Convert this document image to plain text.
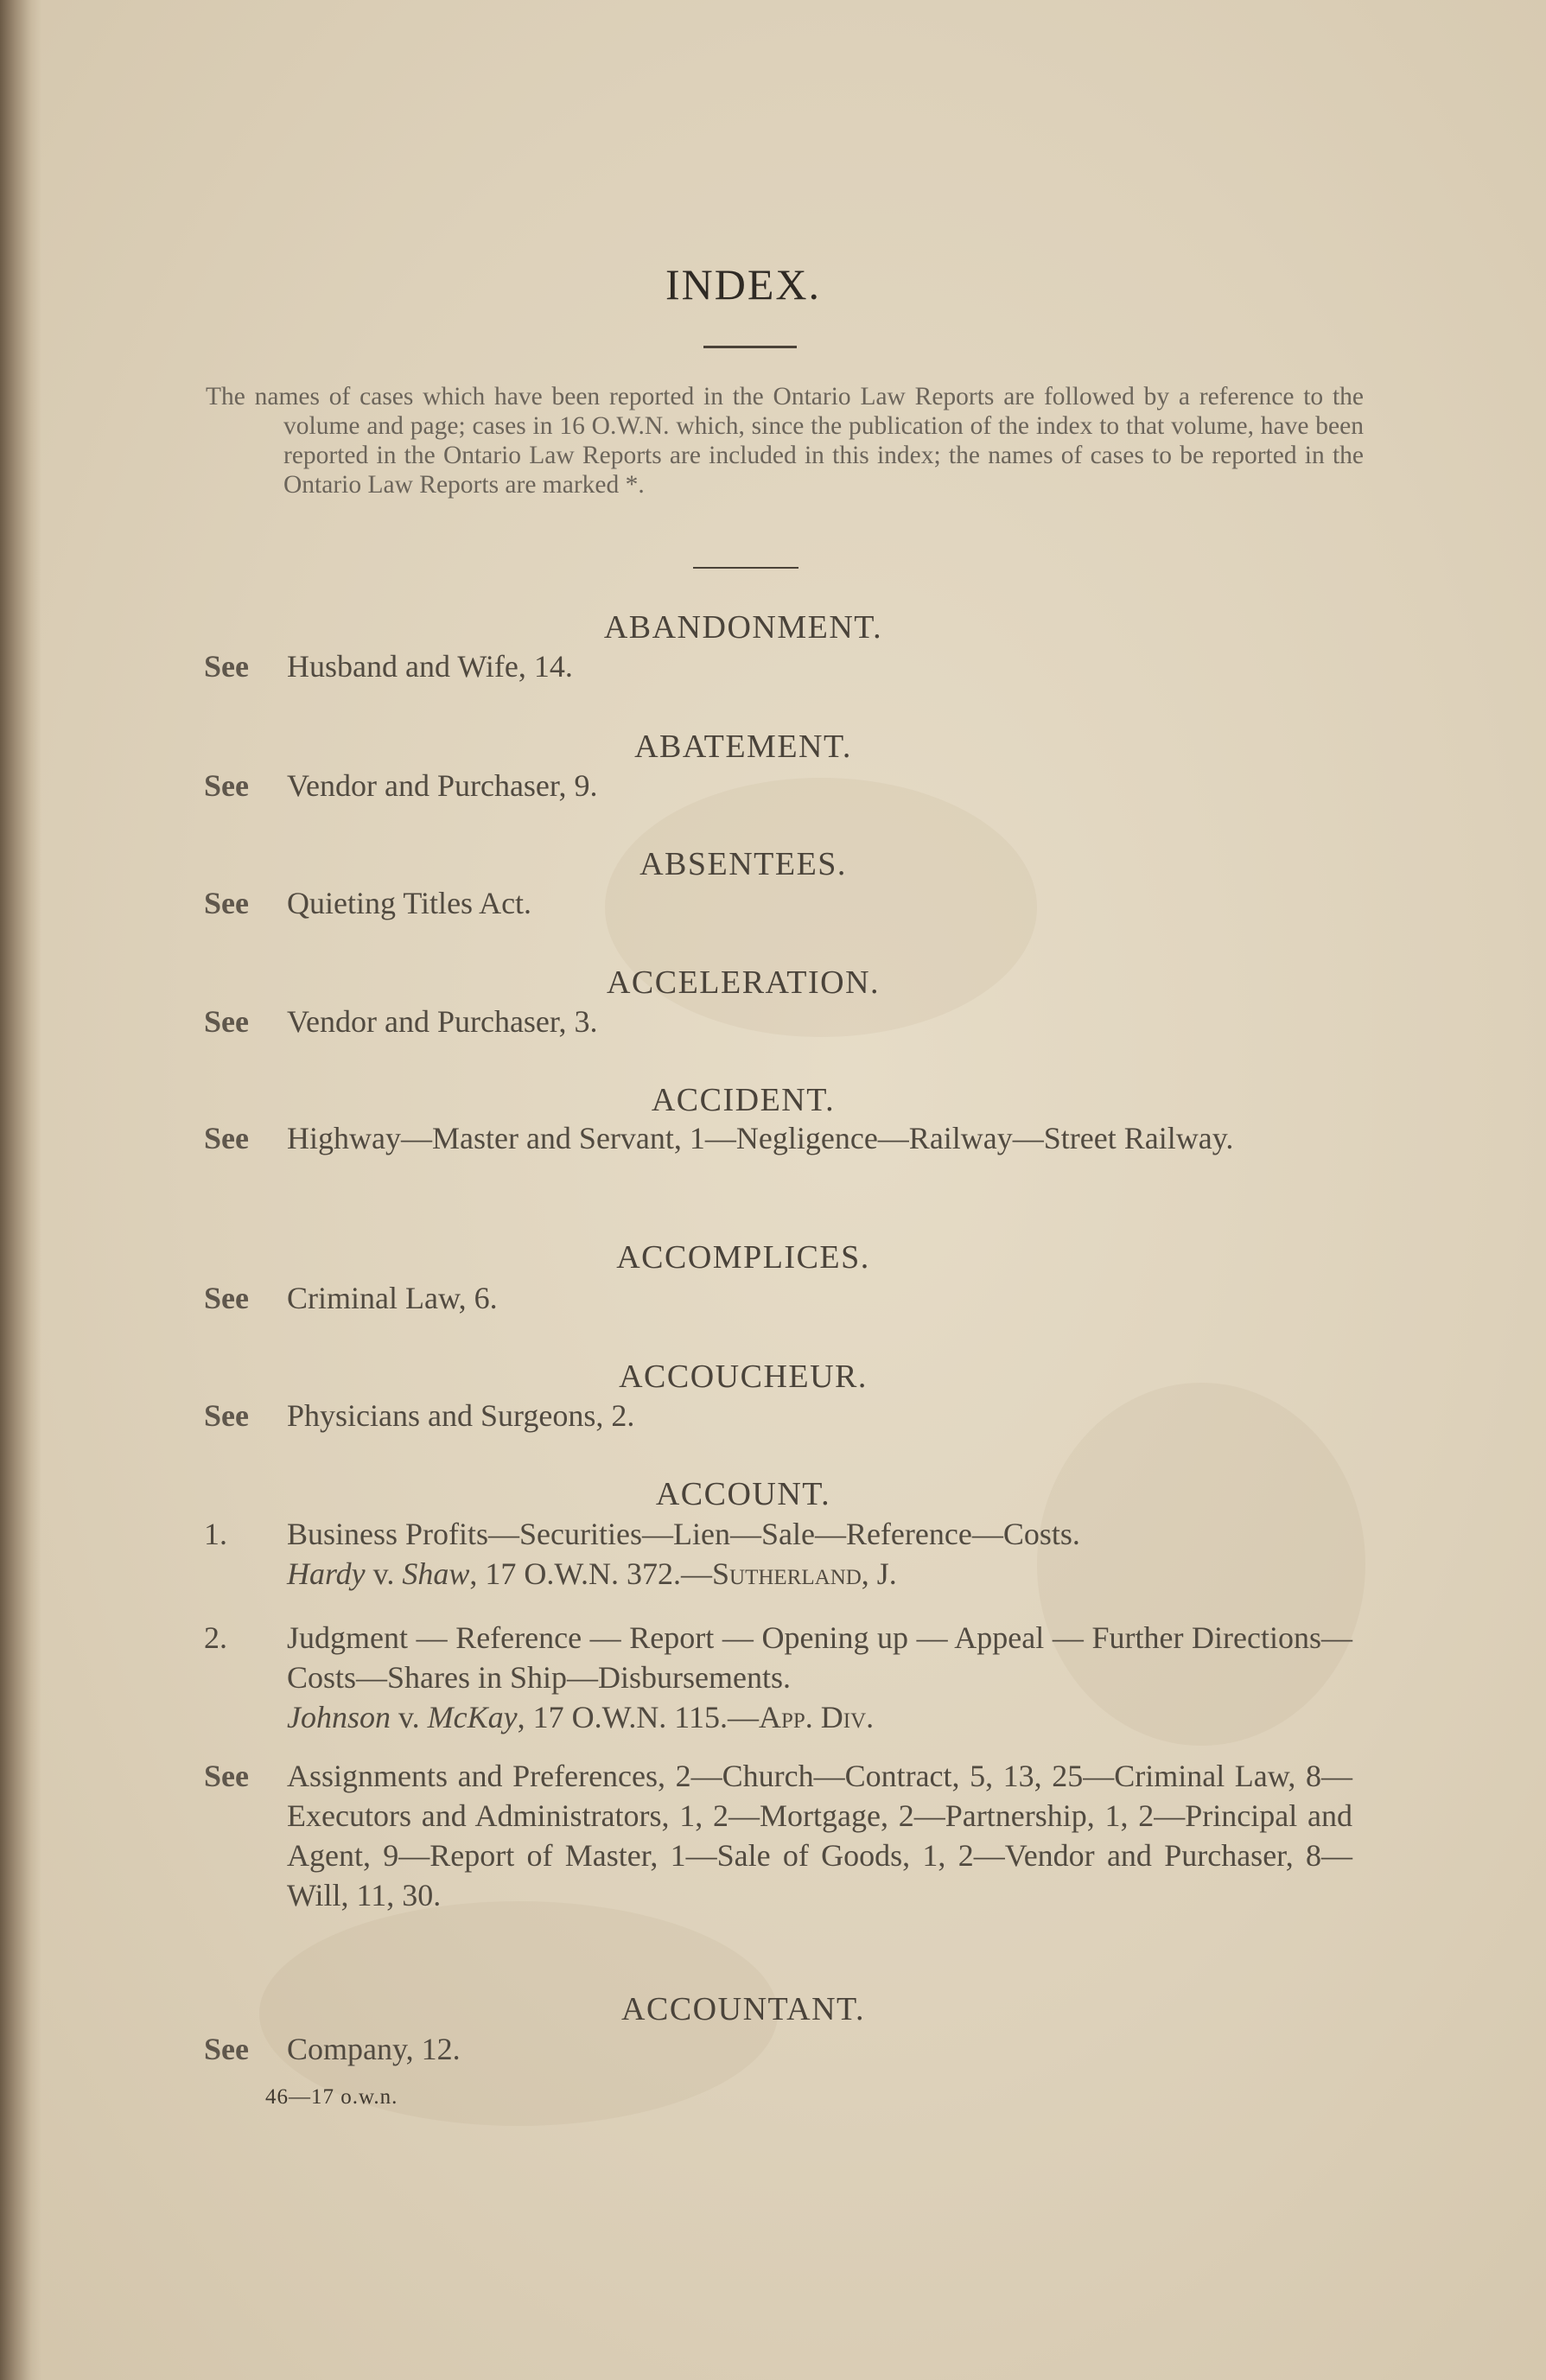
INDEX.
The names of cases which have been reported in the Ontario Law Reports are followed by a reference to the volume and page; cases in 16 O.W.N. which, since the publication of the index to that volume, have been reported in the Ontario Law Reports are included in this index; the names of cases to be reported in the Ontario Law Reports are marked *.
ABANDONMENT.
See Husband and Wife, 14.
ABATEMENT.
See Vendor and Purchaser, 9.
ABSENTEES.
See Quieting Titles Act.
ACCELERATION.
See Vendor and Purchaser, 3.
ACCIDENT.
See Highway—Master and Servant, 1—Negligence—Railway—Street Railway.
ACCOMPLICES.
See Criminal Law, 6.
ACCOUCHEUR.
See Physicians and Surgeons, 2.
ACCOUNT.
1. Business Profits—Securities—Lien—Sale—Reference—Costs.
Hardy v. Shaw, 17 O.W.N. 372.—Sutherland, J.
2. Judgment — Reference — Report — Opening up — Appeal — Further Directions—Costs—Shares in Ship—Disbursements.
Johnson v. McKay, 17 O.W.N. 115.—App. Div.
See Assignments and Preferences, 2—Church—Contract, 5, 13, 25—Criminal Law, 8—Executors and Administrators, 1, 2—Mortgage, 2—Partnership, 1, 2—Principal and Agent, 9—Report of Master, 1—Sale of Goods, 1, 2—Vendor and Purchaser, 8—Will, 11, 30.
ACCOUNTANT.
See Company, 12.
46—17 o.w.n.
